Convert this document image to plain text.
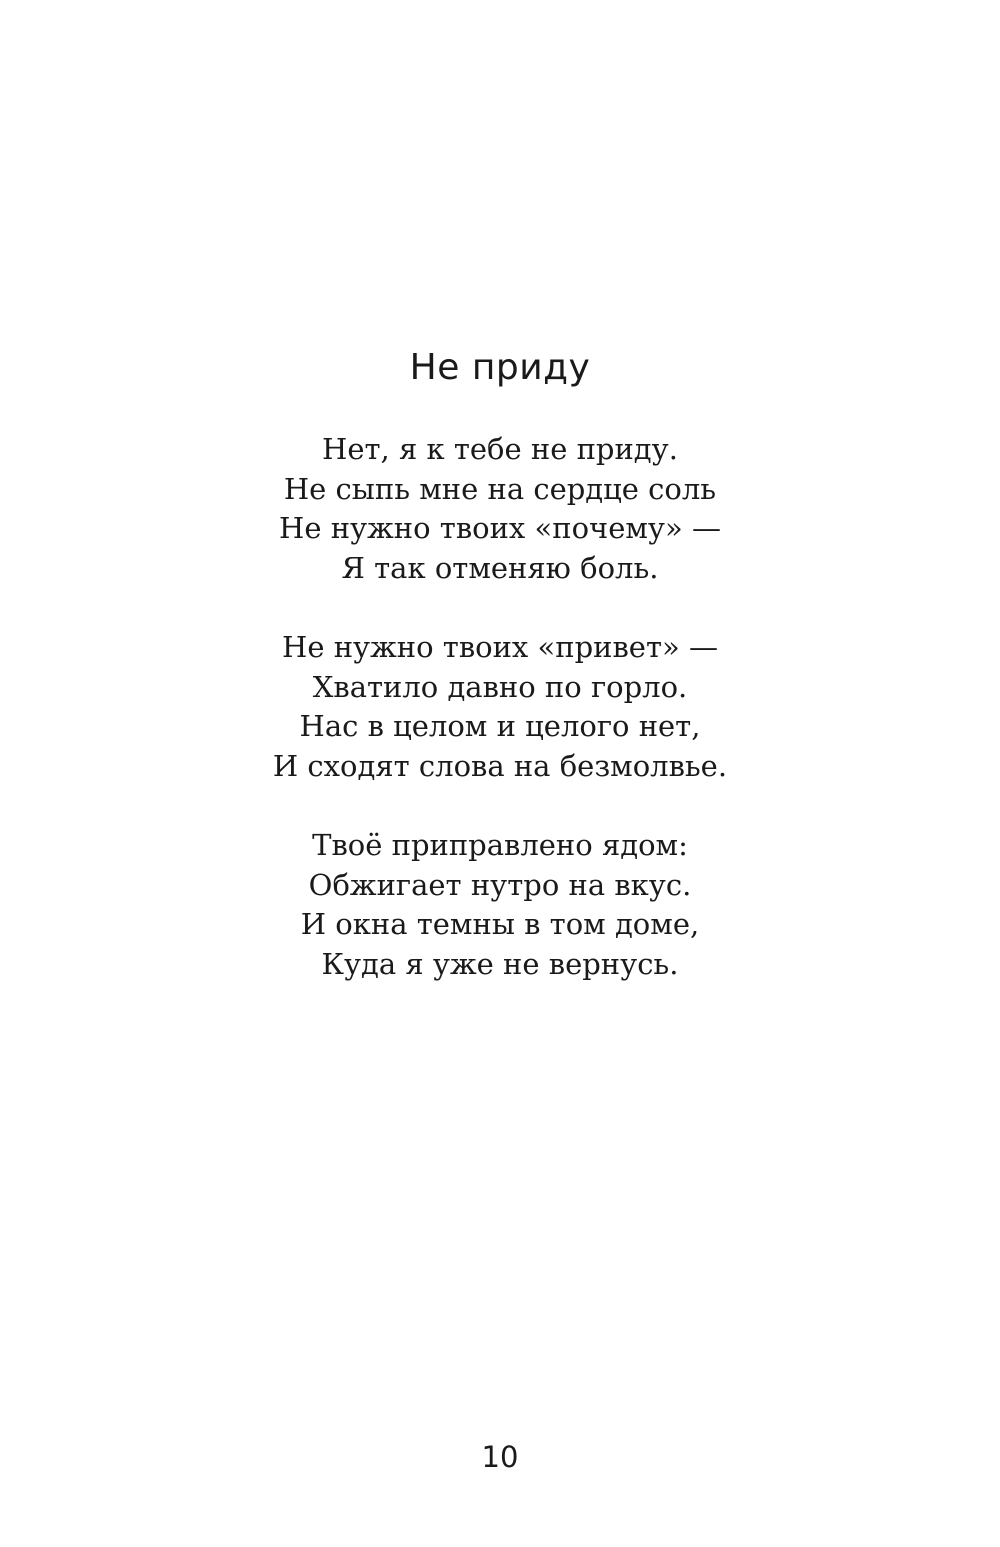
Не приду
Нет, я к тебе не приду.
Не сыпь мне на сердце соль
Не нужно твоих «почему» —
Я так отменяю боль.
Не нужно твоих «привет» —
Хватило давно по горло.
Нас в целом и целого нет,
И сходят слова на безмолвье.
Твоё приправлено ядом:
Обжигает нутро на вкус.
И окна темны в том доме,
Куда я уже не вернусь.
10
